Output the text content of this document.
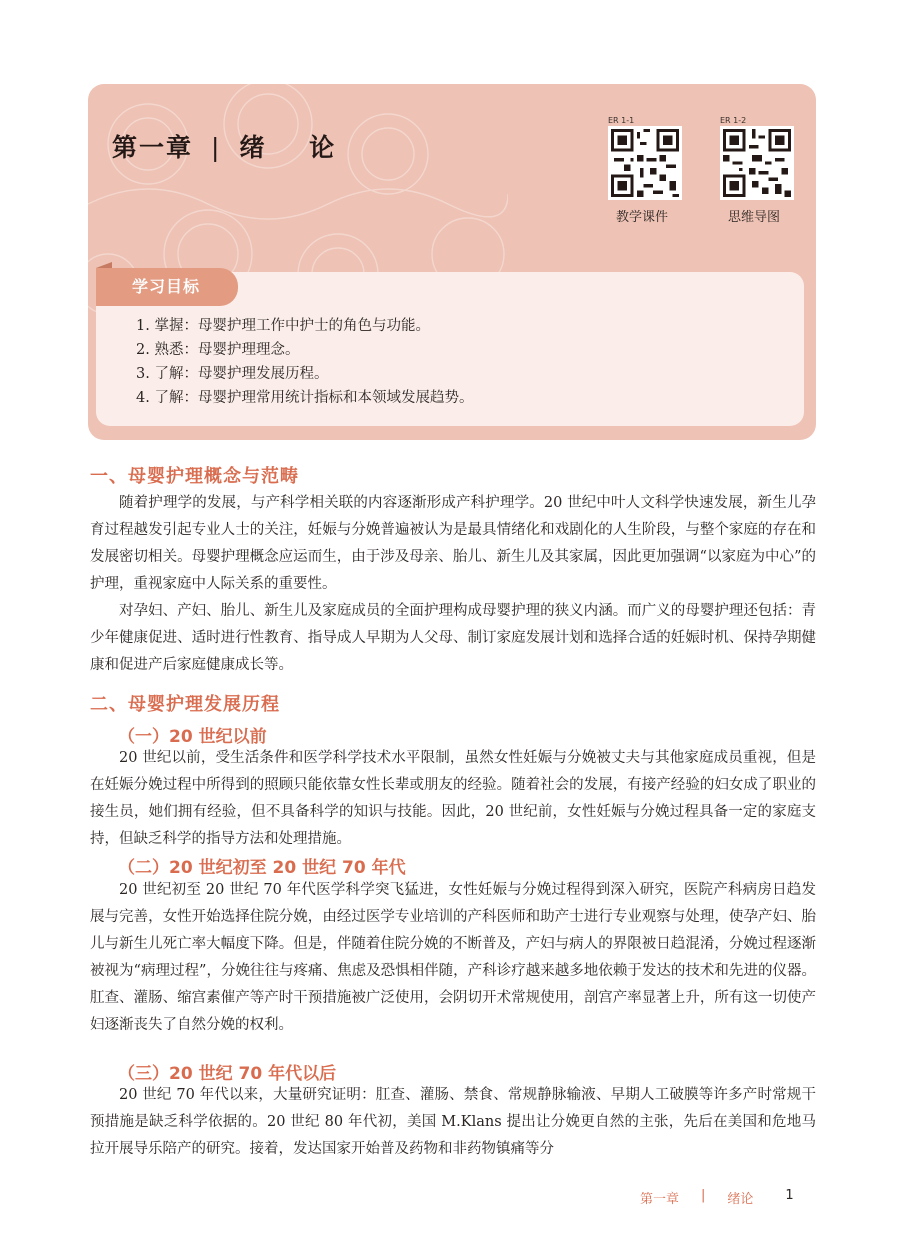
第一章 | 绪 论
ER 1-1
教学课件
ER 1-2
思维导图
学习目标
1. 掌握：母婴护理工作中护士的角色与功能。
2. 熟悉：母婴护理理念。
3. 了解：母婴护理发展历程。
4. 了解：母婴护理常用统计指标和本领域发展趋势。
一、母婴护理概念与范畴
随着护理学的发展，与产科学相关联的内容逐渐形成产科护理学。20 世纪中叶人文科学快速发展，新生儿孕育过程越发引起专业人士的关注，妊娠与分娩普遍被认为是最具情绪化和戏剧化的人生阶段，与整个家庭的存在和发展密切相关。母婴护理概念应运而生，由于涉及母亲、胎儿、新生儿及其家属，因此更加强调“以家庭为中心”的护理，重视家庭中人际关系的重要性。
对孕妇、产妇、胎儿、新生儿及家庭成员的全面护理构成母婴护理的狭义内涵。而广义的母婴护理还包括：青少年健康促进、适时进行性教育、指导成人早期为人父母、制订家庭发展计划和选择合适的妊娠时机、保持孕期健康和促进产后家庭健康成长等。
二、母婴护理发展历程
（一）20 世纪以前
20 世纪以前，受生活条件和医学科学技术水平限制，虽然女性妊娠与分娩被丈夫与其他家庭成员重视，但是在妊娠分娩过程中所得到的照顾只能依靠女性长辈或朋友的经验。随着社会的发展，有接产经验的妇女成了职业的接生员，她们拥有经验，但不具备科学的知识与技能。因此，20 世纪前，女性妊娠与分娩过程具备一定的家庭支持，但缺乏科学的指导方法和处理措施。
（二）20 世纪初至 20 世纪 70 年代
20 世纪初至 20 世纪 70 年代医学科学突飞猛进，女性妊娠与分娩过程得到深入研究，医院产科病房日趋发展与完善，女性开始选择住院分娩，由经过医学专业培训的产科医师和助产士进行专业观察与处理，使孕产妇、胎儿与新生儿死亡率大幅度下降。但是，伴随着住院分娩的不断普及，产妇与病人的界限被日趋混淆，分娩过程逐渐被视为“病理过程”，分娩往往与疼痛、焦虑及恐惧相伴随，产科诊疗越来越多地依赖于发达的技术和先进的仪器。肛查、灌肠、缩宫素催产等产时干预措施被广泛使用，会阴切开术常规使用，剖宫产率显著上升，所有这一切使产妇逐渐丧失了自然分娩的权利。
（三）20 世纪 70 年代以后
20 世纪 70 年代以来，大量研究证明：肛查、灌肠、禁食、常规静脉输液、早期人工破膜等许多产时常规干预措施是缺乏科学依据的。20 世纪 80 年代初，美国 M.Klans 提出让分娩更自然的主张，先后在美国和危地马拉开展导乐陪产的研究。接着，发达国家开始普及药物和非药物镇痛等分
第一章 | 绪论 1
